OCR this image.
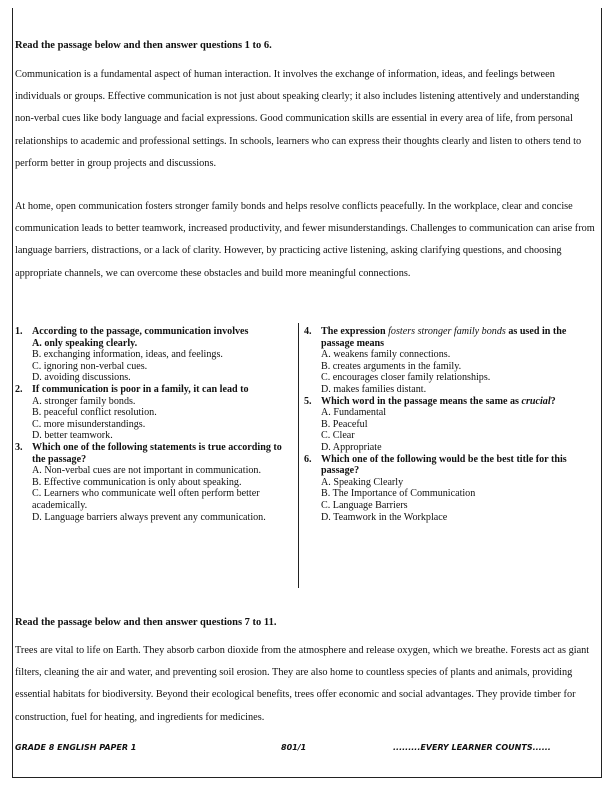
Read the passage below and then answer questions 1 to 6.
Communication is a fundamental aspect of human interaction. It involves the exchange of information, ideas, and feelings between individuals or groups. Effective communication is not just about speaking clearly; it also includes listening attentively and understanding non-verbal cues like body language and facial expressions. Good communication skills are essential in every area of life, from personal relationships to academic and professional settings. In schools, learners who can express their thoughts clearly and listen to others tend to perform better in group projects and discussions.
At home, open communication fosters stronger family bonds and helps resolve conflicts peacefully. In the workplace, clear and concise communication leads to better teamwork, increased productivity, and fewer misunderstandings. Challenges to communication can arise from language barriers, distractions, or a lack of clarity. However, by practicing active listening, asking clarifying questions, and choosing appropriate channels, we can overcome these obstacles and build more meaningful connections.
1. According to the passage, communication involves
A. only speaking clearly.
B. exchanging information, ideas, and feelings.
C. ignoring non-verbal cues.
D. avoiding discussions.
2. If communication is poor in a family, it can lead to
A. stronger family bonds.
B. peaceful conflict resolution.
C. more misunderstandings.
D. better teamwork.
3. Which one of the following statements is true according to the passage?
A. Non-verbal cues are not important in communication.
B. Effective communication is only about speaking.
C. Learners who communicate well often perform better academically.
D. Language barriers always prevent any communication.
4. The expression fosters stronger family bonds as used in the passage means
A. weakens family connections.
B. creates arguments in the family.
C. encourages closer family relationships.
D. makes families distant.
5. Which word in the passage means the same as crucial?
A. Fundamental
B. Peaceful
C. Clear
D. Appropriate
6. Which one of the following would be the best title for this passage?
A. Speaking Clearly
B. The Importance of Communication
C. Language Barriers
D. Teamwork in the Workplace
Read the passage below and then answer questions 7 to 11.
Trees are vital to life on Earth. They absorb carbon dioxide from the atmosphere and release oxygen, which we breathe. Forests act as giant filters, cleaning the air and water, and preventing soil erosion. They are also home to countless species of plants and animals, providing essential habitats for biodiversity. Beyond their ecological benefits, trees offer economic and social advantages. They provide timber for construction, fuel for heating, and ingredients for medicines.
GRADE 8 ENGLISH PAPER 1	801/1	.........EVERY LEARNER COUNTS......
